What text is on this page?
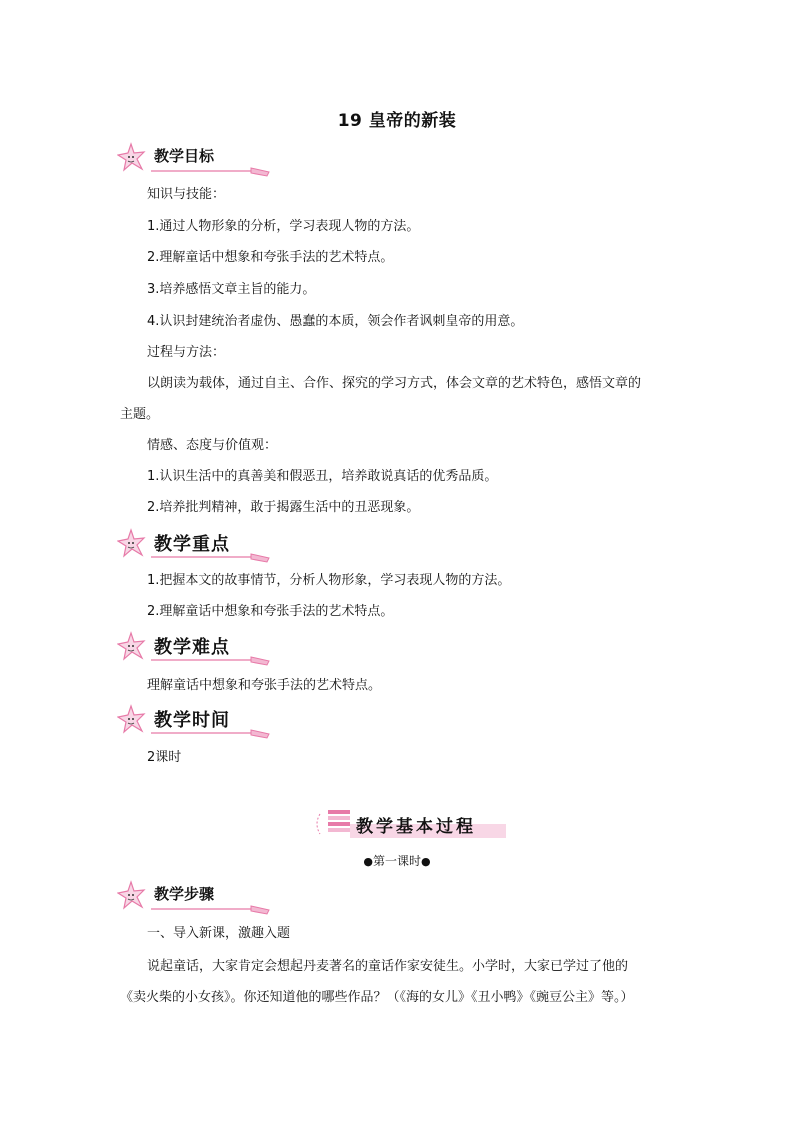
19 皇帝的新装
教学目标
知识与技能：
1.通过人物形象的分析，学习表现人物的方法。
2.理解童话中想象和夸张手法的艺术特点。
3.培养感悟文章主旨的能力。
4.认识封建统治者虚伪、愚蠢的本质，领会作者讽刺皇帝的用意。
过程与方法：
以朗读为载体，通过自主、合作、探究的学习方式，体会文章的艺术特色，感悟文章的
主题。
情感、态度与价值观：
1.认识生活中的真善美和假恶丑，培养敢说真话的优秀品质。
2.培养批判精神，敢于揭露生活中的丑恶现象。
教学重点
1.把握本文的故事情节，分析人物形象，学习表现人物的方法。
2.理解童话中想象和夸张手法的艺术特点。
教学难点
理解童话中想象和夸张手法的艺术特点。
教学时间
2课时
教学基本过程
●第一课时●
教学步骤
一、导入新课，激趣入题
说起童话，大家肯定会想起丹麦著名的童话作家安徒生。小学时，大家已学过了他的
《卖火柴的小女孩》。你还知道他的哪些作品？（《海的女儿》《丑小鸭》《豌豆公主》等。）
